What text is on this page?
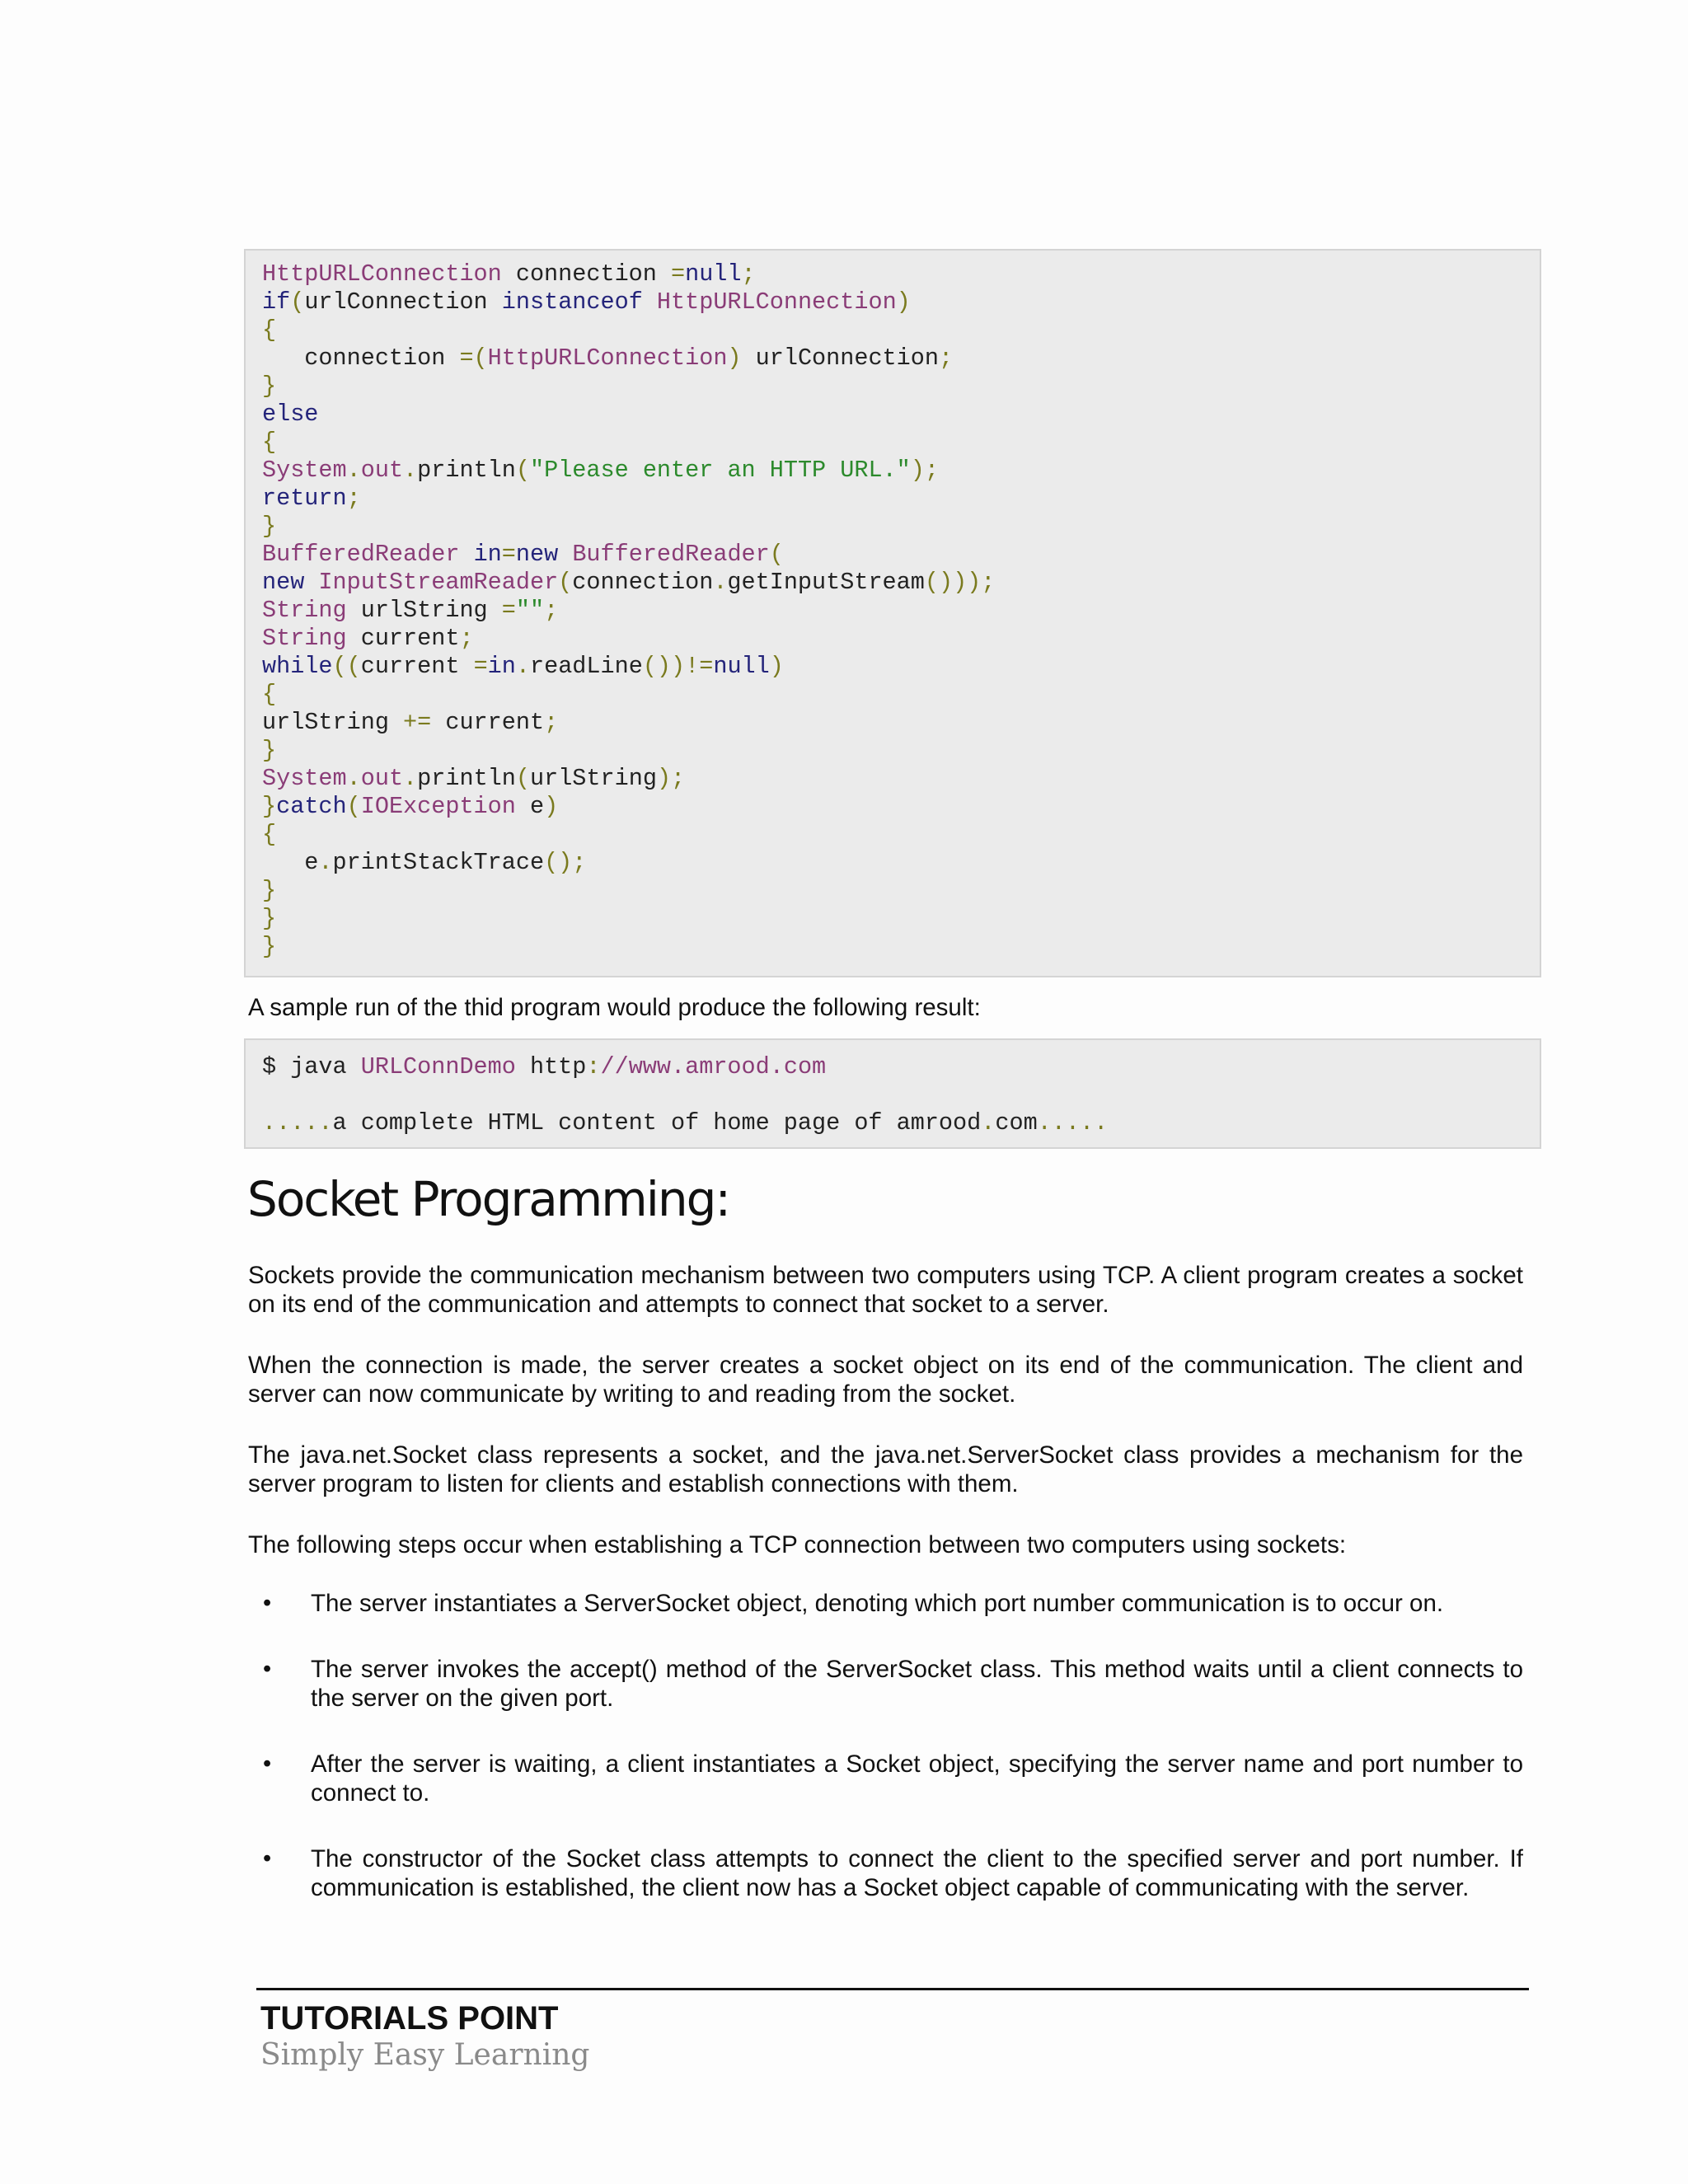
HttpURLConnection connection =null;
if(urlConnection instanceof HttpURLConnection)
{
connection =(HttpURLConnection) urlConnection;
}
else
{
System.out.println("Please enter an HTTP URL.");
return;
}
BufferedReader in=new BufferedReader(
new InputStreamReader(connection.getInputStream()));
String urlString ="";
String current;
while((current =in.readLine())!=null)
{
urlString += current;
}
System.out.println(urlString);
}catch(IOException e)
{
e.printStackTrace();
}
}
}
A sample run of the thid program would produce the following result:
$ java URLConnDemo http://www.amrood.com
.....a complete HTML content of home page of amrood.com.....
Socket Programming:
Sockets provide the communication mechanism between two computers using TCP. A client program creates a socket on its end of the communication and attempts to connect that socket to a server.
When the connection is made, the server creates a socket object on its end of the communication. The client and server can now communicate by writing to and reading from the socket.
The java.net.Socket class represents a socket, and the java.net.ServerSocket class provides a mechanism for the server program to listen for clients and establish connections with them.
The following steps occur when establishing a TCP connection between two computers using sockets:
• The server instantiates a ServerSocket object, denoting which port number communication is to occur on.
• The server invokes the accept() method of the ServerSocket class. This method waits until a client connects to the server on the given port.
• After the server is waiting, a client instantiates a Socket object, specifying the server name and port number to connect to.
• The constructor of the Socket class attempts to connect the client to the specified server and port number. If communication is established, the client now has a Socket object capable of communicating with the server.
TUTORIALS POINT
Simply Easy Learning
